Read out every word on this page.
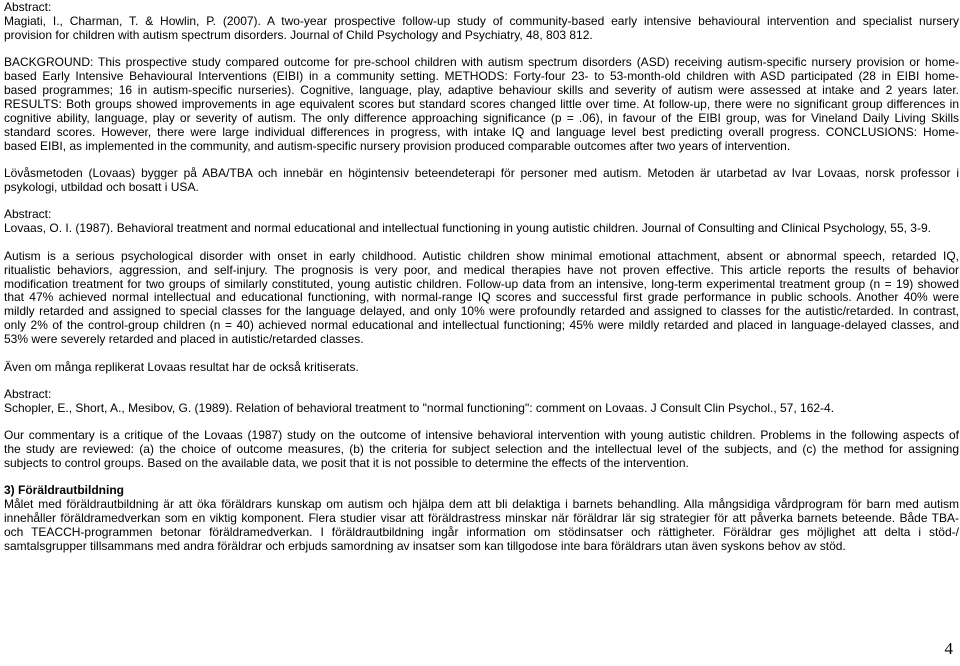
Abstract:
Magiati, I., Charman, T. & Howlin, P. (2007). A two-year prospective follow-up study of community-based early intensive behavioural intervention and specialist nursery
provision for children with autism spectrum disorders. Journal of Child Psychology and Psychiatry, 48, 803 812.
BACKGROUND: This prospective study compared outcome for pre-school children with autism spectrum disorders (ASD) receiving autism-specific nursery provision or home-
based Early Intensive Behavioural Interventions (EIBI) in a community setting. METHODS: Forty-four 23- to 53-month-old children with ASD participated (28 in EIBI home-
based programmes; 16 in autism-specific nurseries). Cognitive, language, play, adaptive behaviour skills and severity of autism were assessed at intake and 2 years later.
RESULTS: Both groups showed improvements in age equivalent scores but standard scores changed little over time. At follow-up, there were no significant group differences in
cognitive ability, language, play or severity of autism. The only difference approaching significance (p = .06), in favour of the EIBI group, was for Vineland Daily Living Skills
standard scores. However, there were large individual differences in progress, with intake IQ and language level best predicting overall progress. CONCLUSIONS: Home-
based EIBI, as implemented in the community, and autism-specific nursery provision produced comparable outcomes after two years of intervention.
Lövåsmetoden (Lovaas) bygger på ABA/TBA och innebär en högintensiv beteendeterapi för personer med autism. Metoden är utarbetad av Ivar Lovaas, norsk professor i
psykologi, utbildad och bosatt i USA.
Abstract:
Lovaas, O. I. (1987). Behavioral treatment and normal educational and intellectual functioning in young autistic children. Journal of Consulting and Clinical Psychology, 55, 3-9.
Autism is a serious psychological disorder with onset in early childhood. Autistic children show minimal emotional attachment, absent or abnormal speech, retarded IQ,
ritualistic behaviors, aggression, and self-injury. The prognosis is very poor, and medical therapies have not proven effective. This article reports the results of behavior
modification treatment for two groups of similarly constituted, young autistic children. Follow-up data from an intensive, long-term experimental treatment group (n = 19) showed
that 47% achieved normal intellectual and educational functioning, with normal-range IQ scores and successful first grade performance in public schools. Another 40% were
mildly retarded and assigned to special classes for the language delayed, and only 10% were profoundly retarded and assigned to classes for the autistic/retarded. In contrast,
only 2% of the control-group children (n = 40) achieved normal educational and intellectual functioning; 45% were mildly retarded and placed in language-delayed classes, and
53% were severely retarded and placed in autistic/retarded classes.
Även om många replikerat Lovaas resultat har de också kritiserats.
Abstract:
Schopler, E., Short, A., Mesibov, G. (1989). Relation of behavioral treatment to "normal functioning": comment on Lovaas. J Consult Clin Psychol., 57, 162-4.
Our commentary is a critique of the Lovaas (1987) study on the outcome of intensive behavioral intervention with young autistic children. Problems in the following aspects of
the study are reviewed: (a) the choice of outcome measures, (b) the criteria for subject selection and the intellectual level of the subjects, and (c) the method for assigning
subjects to control groups. Based on the available data, we posit that it is not possible to determine the effects of the intervention.
3) Föräldrautbildning
Målet med föräldrautbildning är att öka föräldrars kunskap om autism och hjälpa dem att bli delaktiga i barnets behandling. Alla mångsidiga vårdprogram för barn med autism
innehåller föräldramedverkan som en viktig komponent. Flera studier visar att föräldrastress minskar när föräldrar lär sig strategier för att påverka barnets beteende. Både TBA-
och TEACCH-programmen betonar föräldramedverkan. I föräldrautbildning ingår information om stödinsatser och rättigheter. Föräldrar ges möjlighet att delta i stöd-/
samtalsgrupper tillsammans med andra föräldrar och erbjuds samordning av insatser som kan tillgodose inte bara föräldrars utan även syskons behov av stöd.
4
